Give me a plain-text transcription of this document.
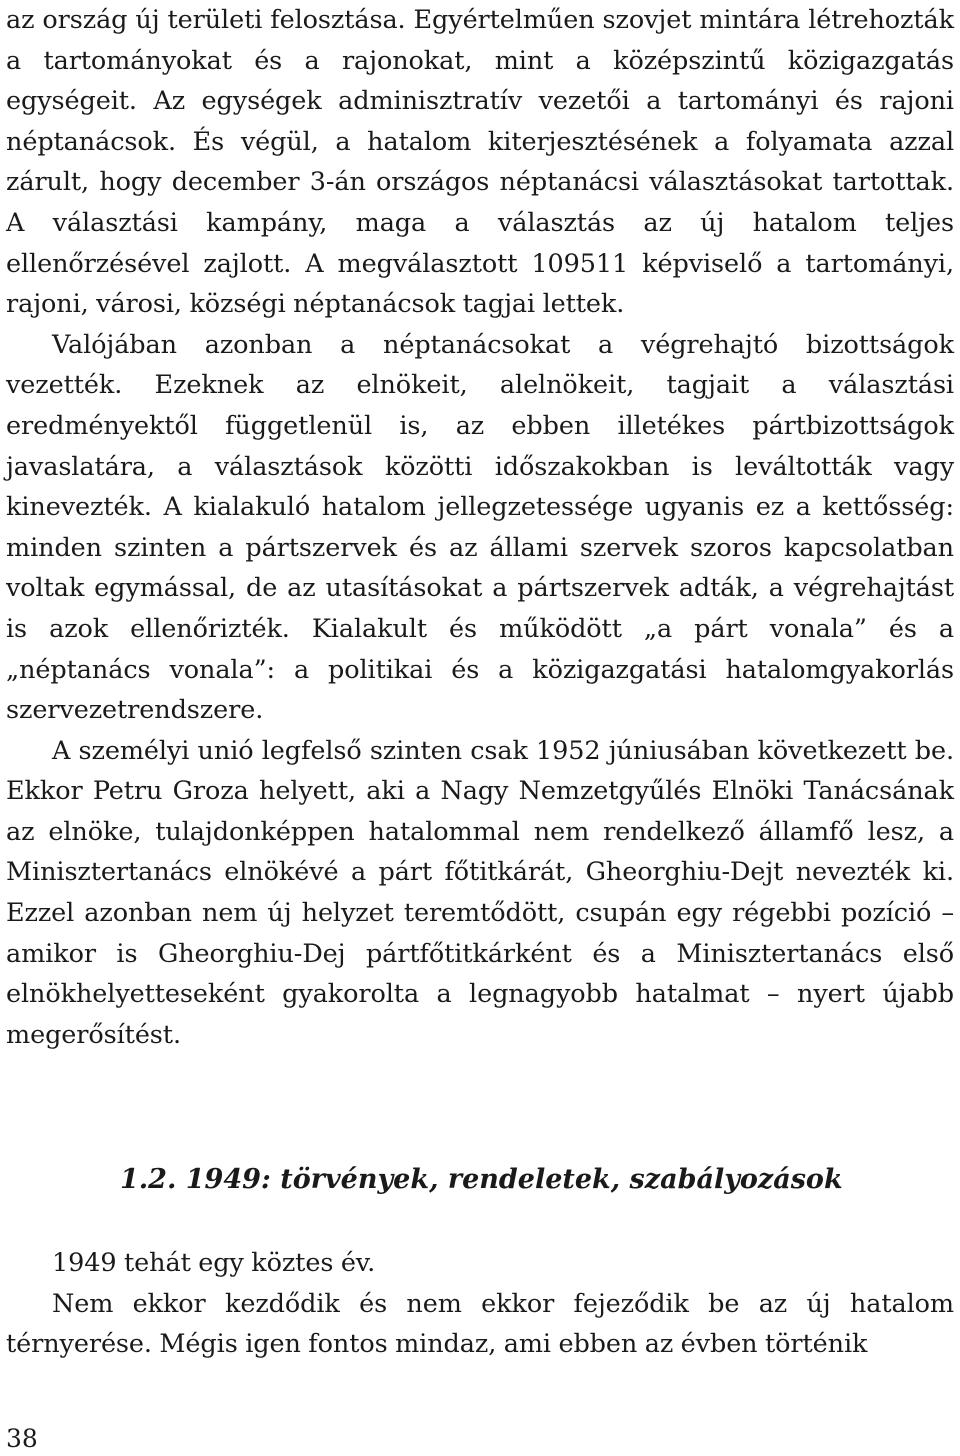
az ország új területi felosztása. Egyértelműen szovjet mintára létrehozták a tartományokat és a rajonokat, mint a középszintű közigazgatás egységeit. Az egységek adminisztratív vezetői a tartományi és rajoni néptanácsok. És végül, a hatalom kiterjesztésének a folyamata azzal zárult, hogy december 3-án országos néptanácsi választásokat tartottak. A választási kampány, maga a választás az új hatalom teljes ellenőrzésével zajlott. A megválasztott 109511 képviselő a tartományi, rajoni, városi, községi néptanácsok tagjai lettek.

Valójában azonban a néptanácsokat a végrehajtó bizottságok vezették. Ezeknek az elnökeit, alelnökeit, tagjait a választási eredményektől függetlenül is, az ebben illetékes pártbizottságok javaslatára, a választások közötti időszakokban is leváltották vagy kinevezték. A kialakuló hatalom jellegzetessége ugyanis ez a kettősség: minden szinten a pártszervek és az állami szervek szoros kapcsolatban voltak egymással, de az utasításokat a pártszervek adták, a végrehajtást is azok ellenőrizték. Kialakult és működött „a párt vonala” és a „néptanács vonala”: a politikai és a közigazgatási hatalomgyakorlás szervezetrendszere.

A személyi unió legfelső szinten csak 1952 júniusában következett be. Ekkor Petru Groza helyett, aki a Nagy Nemzetgyűlés Elnöki Tanácsának az elnöke, tulajdonképpen hatalommal nem rendelkező államfő lesz, a Minisztertanács elnökévé a párt főtitkárát, Gheorghiu-Dejt nevezték ki. Ezzel azonban nem új helyzet teremtődött, csupán egy régebbi pozíció – amikor is Gheorghiu-Dej pártfőtitkárként és a Minisztertanács első elnökhelyetteseként gyakorolta a legnagyobb hatalmat – nyert újabb megerősítést.

1.2. 1949: törvények, rendeletek, szabályozások

1949 tehát egy köztes év.

Nem ekkor kezdődik és nem ekkor fejeződik be az új hatalom térnyerése. Mégis igen fontos mindaz, ami ebben az évben történik

38
